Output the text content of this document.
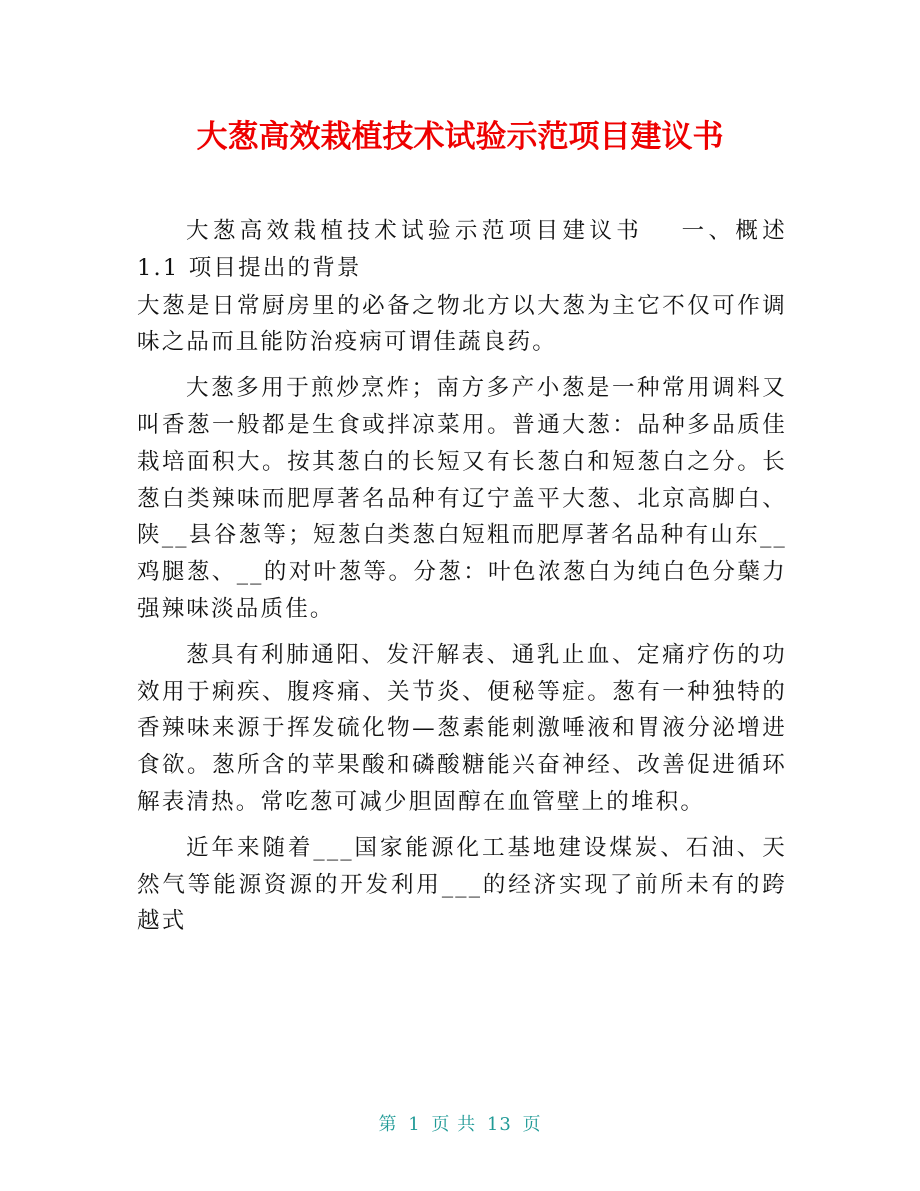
大葱高效栽植技术试验示范项目建议书

大葱高效栽植技术试验示范项目建议书　 一、概述　1.1 项目提出的背景

大葱是日常厨房里的必备之物北方以大葱为主它不仅可作调味之品而且能防治疫病可谓佳蔬良药。

大葱多用于煎炒烹炸；南方多产小葱是一种常用调料又叫香葱一般都是生食或拌凉菜用。普通大葱：品种多品质佳栽培面积大。按其葱白的长短又有长葱白和短葱白之分。长葱白类辣味而肥厚著名品种有辽宁盖平大葱、北京高脚白、陕__县谷葱等；短葱白类葱白短粗而肥厚著名品种有山东__鸡腿葱、__的对叶葱等。分葱：叶色浓葱白为纯白色分蘖力强辣味淡品质佳。

葱具有利肺通阳、发汗解表、通乳止血、定痛疗伤的功效用于痢疾、腹疼痛、关节炎、便秘等症。葱有一种独特的香辣味来源于挥发硫化物—葱素能刺激唾液和胃液分泌增进食欲。葱所含的苹果酸和磷酸糖能兴奋神经、改善促进循环解表清热。常吃葱可减少胆固醇在血管壁上的堆积。

近年来随着___国家能源化工基地建设煤炭、石油、天然气等能源资源的开发利用___的经济实现了前所未有的跨越式

第 1 页 共 13 页
